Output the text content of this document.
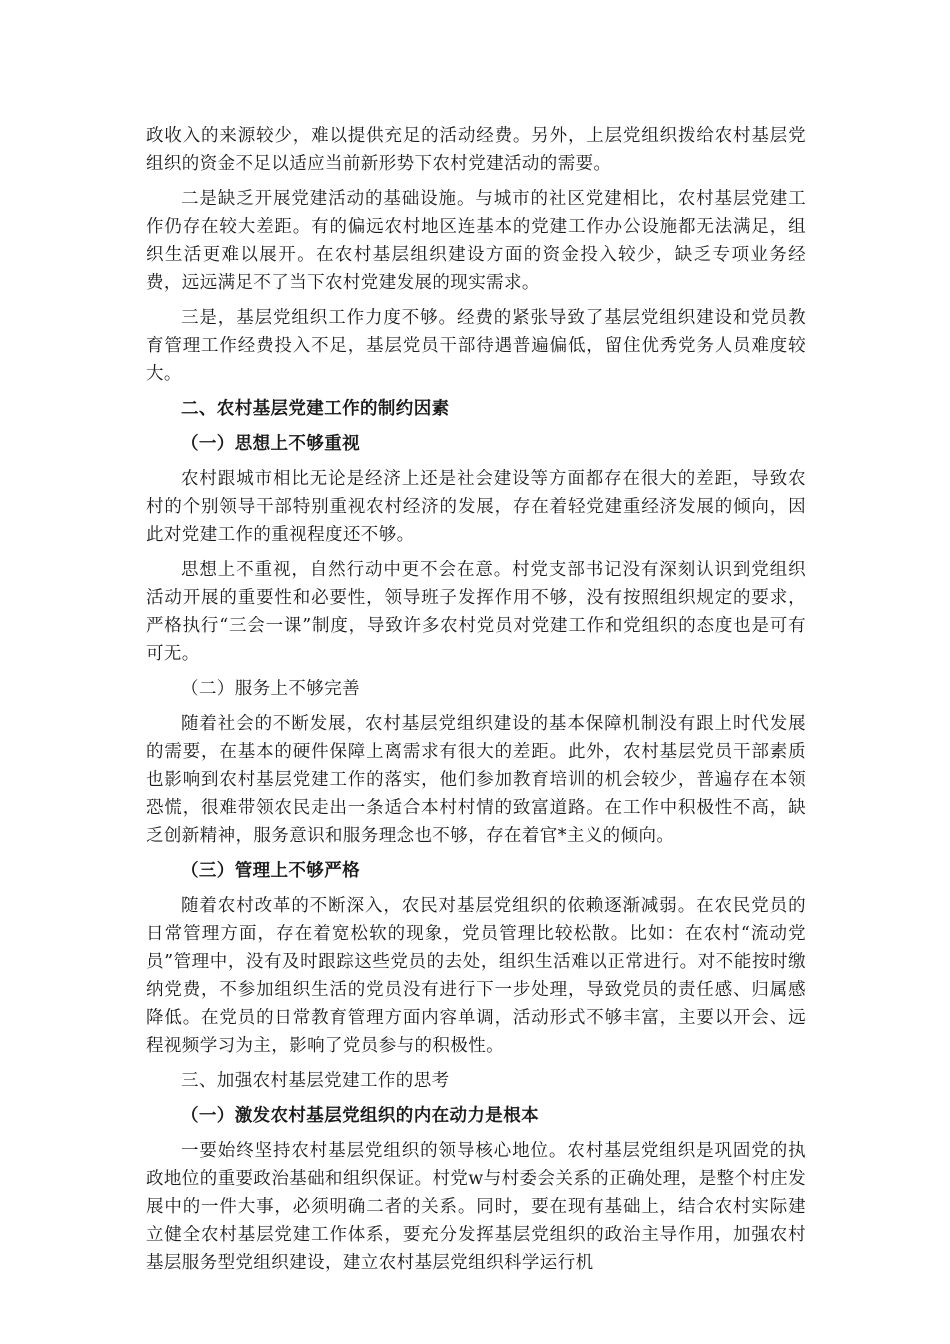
政收入的来源较少，难以提供充足的活动经费。另外，上层党组织拨给农村基层党组织的资金不足以适应当前新形势下农村党建活动的需要。

二是缺乏开展党建活动的基础设施。与城市的社区党建相比，农村基层党建工作仍存在较大差距。有的偏远农村地区连基本的党建工作办公设施都无法满足，组织生活更难以展开。在农村基层组织建设方面的资金投入较少，缺乏专项业务经费，远远满足不了当下农村党建发展的现实需求。

三是，基层党组织工作力度不够。经费的紧张导致了基层党组织建设和党员教育管理工作经费投入不足，基层党员干部待遇普遍偏低，留住优秀党务人员难度较大。

二、农村基层党建工作的制约因素

（一）思想上不够重视

农村跟城市相比无论是经济上还是社会建设等方面都存在很大的差距，导致农村的个别领导干部特别重视农村经济的发展，存在着轻党建重经济发展的倾向，因此对党建工作的重视程度还不够。

思想上不重视，自然行动中更不会在意。村党支部书记没有深刻认识到党组织活动开展的重要性和必要性，领导班子发挥作用不够，没有按照组织规定的要求，严格执行“三会一课”制度，导致许多农村党员对党建工作和党组织的态度也是可有可无。

（二）服务上不够完善

随着社会的不断发展，农村基层党组织建设的基本保障机制没有跟上时代发展的需要，在基本的硬件保障上离需求有很大的差距。此外，农村基层党员干部素质也影响到农村基层党建工作的落实，他们参加教育培训的机会较少，普遍存在本领恐慌，很难带领农民走出一条适合本村村情的致富道路。在工作中积极性不高，缺乏创新精神，服务意识和服务理念也不够，存在着官*主义的倾向。

（三）管理上不够严格

随着农村改革的不断深入，农民对基层党组织的依赖逐渐减弱。在农民党员的日常管理方面，存在着宽松软的现象，党员管理比较松散。比如：在农村“流动党员”管理中，没有及时跟踪这些党员的去处，组织生活难以正常进行。对不能按时缴纳党费，不参加组织生活的党员没有进行下一步处理，导致党员的责任感、归属感降低。在党员的日常教育管理方面内容单调，活动形式不够丰富，主要以开会、远程视频学习为主，影响了党员参与的积极性。

三、加强农村基层党建工作的思考

（一）激发农村基层党组织的内在动力是根本

一要始终坚持农村基层党组织的领导核心地位。农村基层党组织是巩固党的执政地位的重要政治基础和组织保证。村党w与村委会关系的正确处理，是整个村庄发展中的一件大事，必须明确二者的关系。同时，要在现有基础上，结合农村实际建立健全农村基层党建工作体系，要充分发挥基层党组织的政治主导作用，加强农村基层服务型党组织建设，建立农村基层党组织科学运行机
